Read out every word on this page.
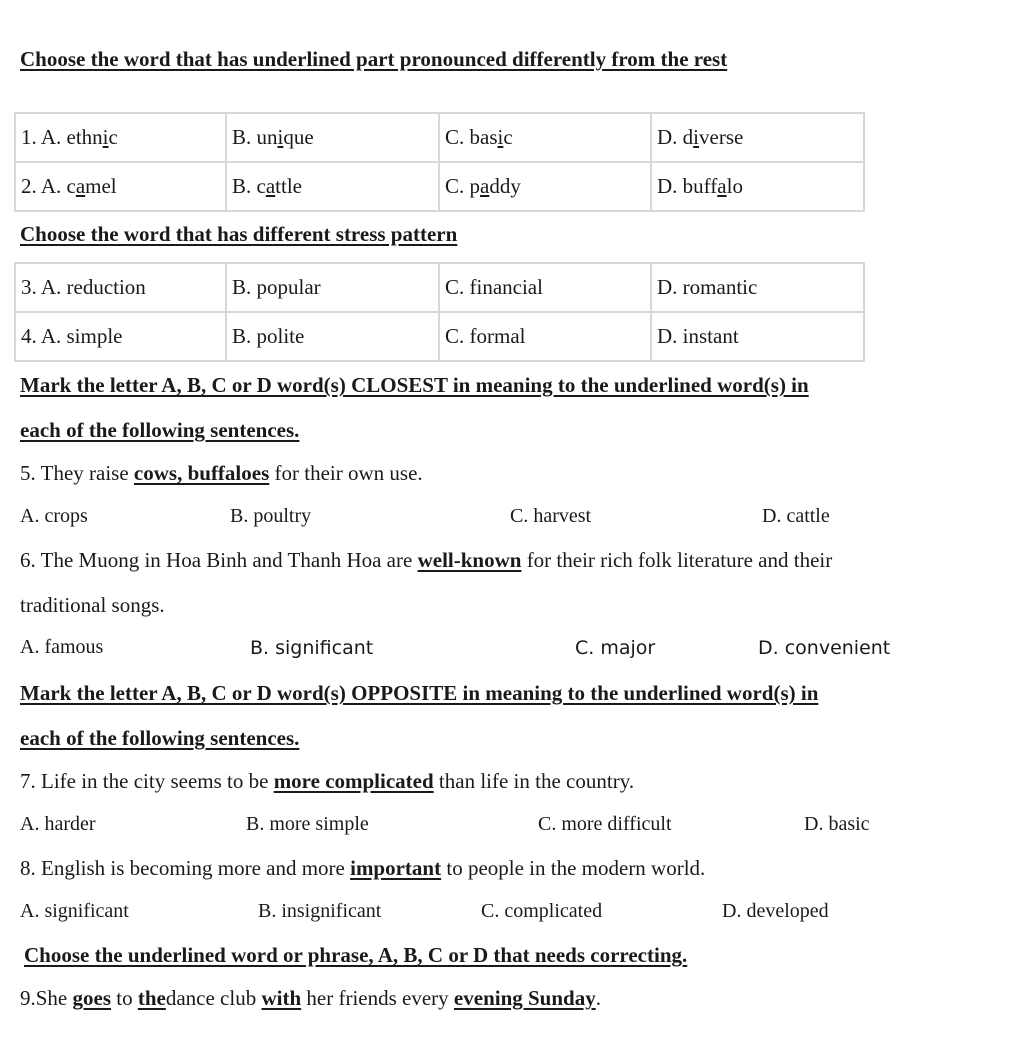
Choose the word that has underlined part pronounced differently from the rest
1. A. ethnic	B. unique	C. basic	D. diverse
2. A. camel	B. cattle	C. paddy	D. buffalo
Choose the word that has different stress pattern
3. A. reduction	B. popular	C. financial	D. romantic
4. A. simple	B. polite	C. formal	D. instant
Mark the letter A, B, C or D word(s) CLOSEST in meaning to the underlined word(s) in
each of the following sentences.
5. They raise cows, buffaloes for their own use.
A. crops	B. poultry	C. harvest	D. cattle
6. The Muong in Hoa Binh and Thanh Hoa are well-known for their rich folk literature and their
traditional songs.
A. famous	B. significant	C. major	D. convenient
Mark the letter A, B, C or D word(s) OPPOSITE in meaning to the underlined word(s) in
each of the following sentences.
7. Life in the city seems to be more complicated than life in the country.
A. harder	B. more simple	C. more difficult	D. basic
8. English is becoming more and more important to people in the modern world.
A. significant	B. insignificant	C. complicated	D. developed
Choose the underlined word or phrase, A, B, C or D that needs correcting.
9.She goes to thedance club with her friends every evening Sunday.
